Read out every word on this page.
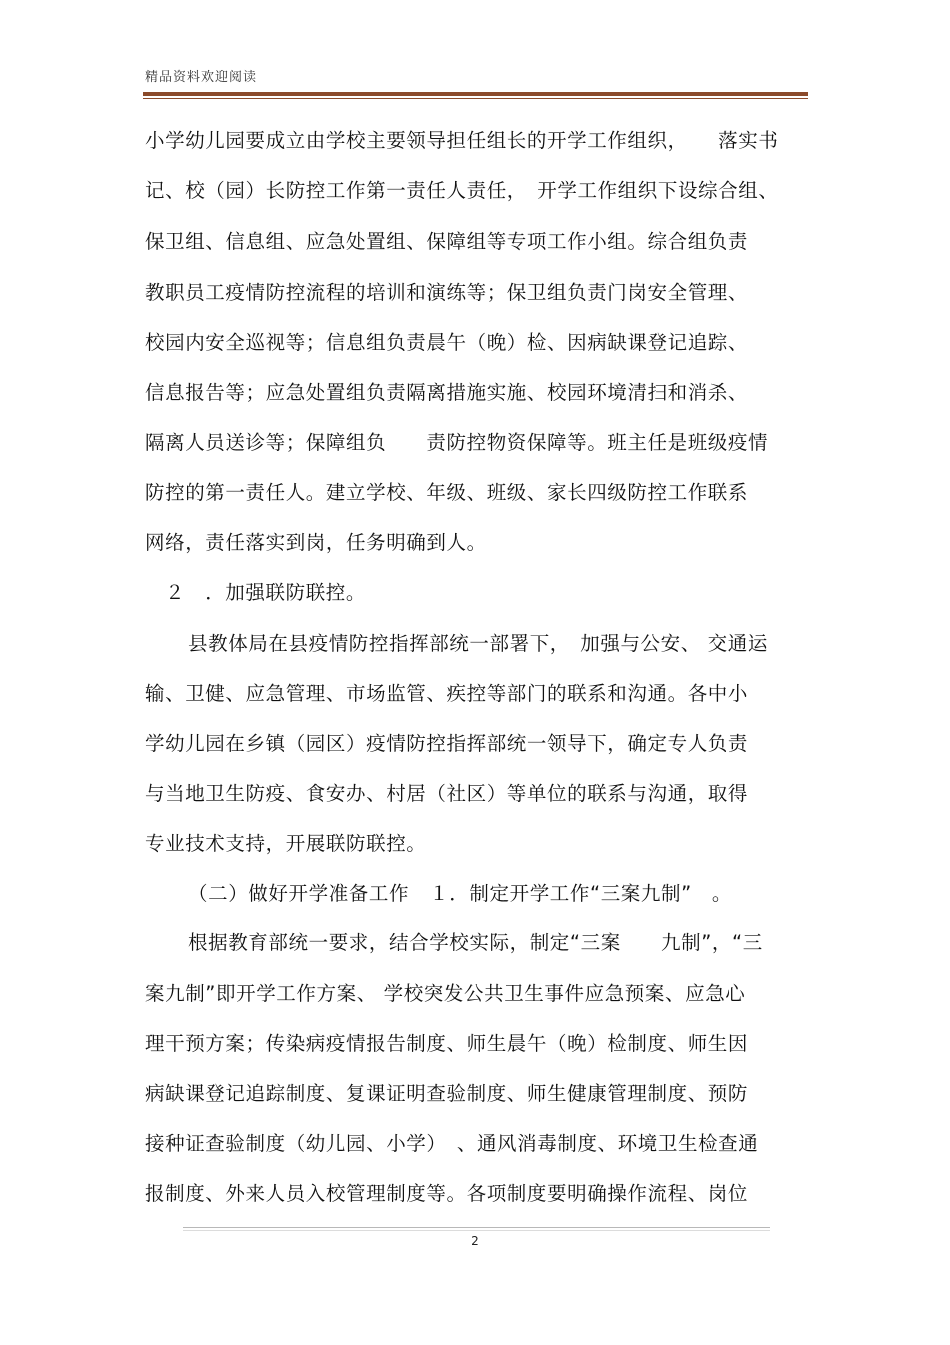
精品资料欢迎阅读
小学幼儿园要成立由学校主要领导担任组长的开学工作组织，　　落实书
记、校（园）长防控工作第一责任人责任，　开学工作组织下设综合组、
保卫组、信息组、应急处置组、保障组等专项工作小组。综合组负责
教职员工疫情防控流程的培训和演练等；保卫组负责门岗安全管理、
校园内安全巡视等；信息组负责晨午（晚）检、因病缺课登记追踪、
信息报告等；应急处置组负责隔离措施实施、校园环境清扫和消杀、
隔离人员送诊等；保障组负　　责防控物资保障等。班主任是班级疫情
防控的第一责任人。建立学校、年级、班级、家长四级防控工作联系
网络，责任落实到岗，任务明确到人。
２　．加强联防联控。
县教体局在县疫情防控指挥部统一部署下，　加强与公安、 交通运
输、卫健、应急管理、市场监管、疾控等部门的联系和沟通。各中小
学幼儿园在乡镇（园区）疫情防控指挥部统一领导下，确定专人负责
与当地卫生防疫、食安办、村居（社区）等单位的联系与沟通，取得
专业技术支持，开展联防联控。
（二）做好开学准备工作　１．制定开学工作“三案九制”　。
根据教育部统一要求，结合学校实际，制定“三案　　九制”，“三
案九制”即开学工作方案、 学校突发公共卫生事件应急预案、应急心
理干预方案；传染病疫情报告制度、师生晨午（晚）检制度、师生因
病缺课登记追踪制度、复课证明查验制度、师生健康管理制度、预防
接种证查验制度（幼儿园、小学）　、通风消毒制度、环境卫生检查通
报制度、外来人员入校管理制度等。各项制度要明确操作流程、岗位
2
